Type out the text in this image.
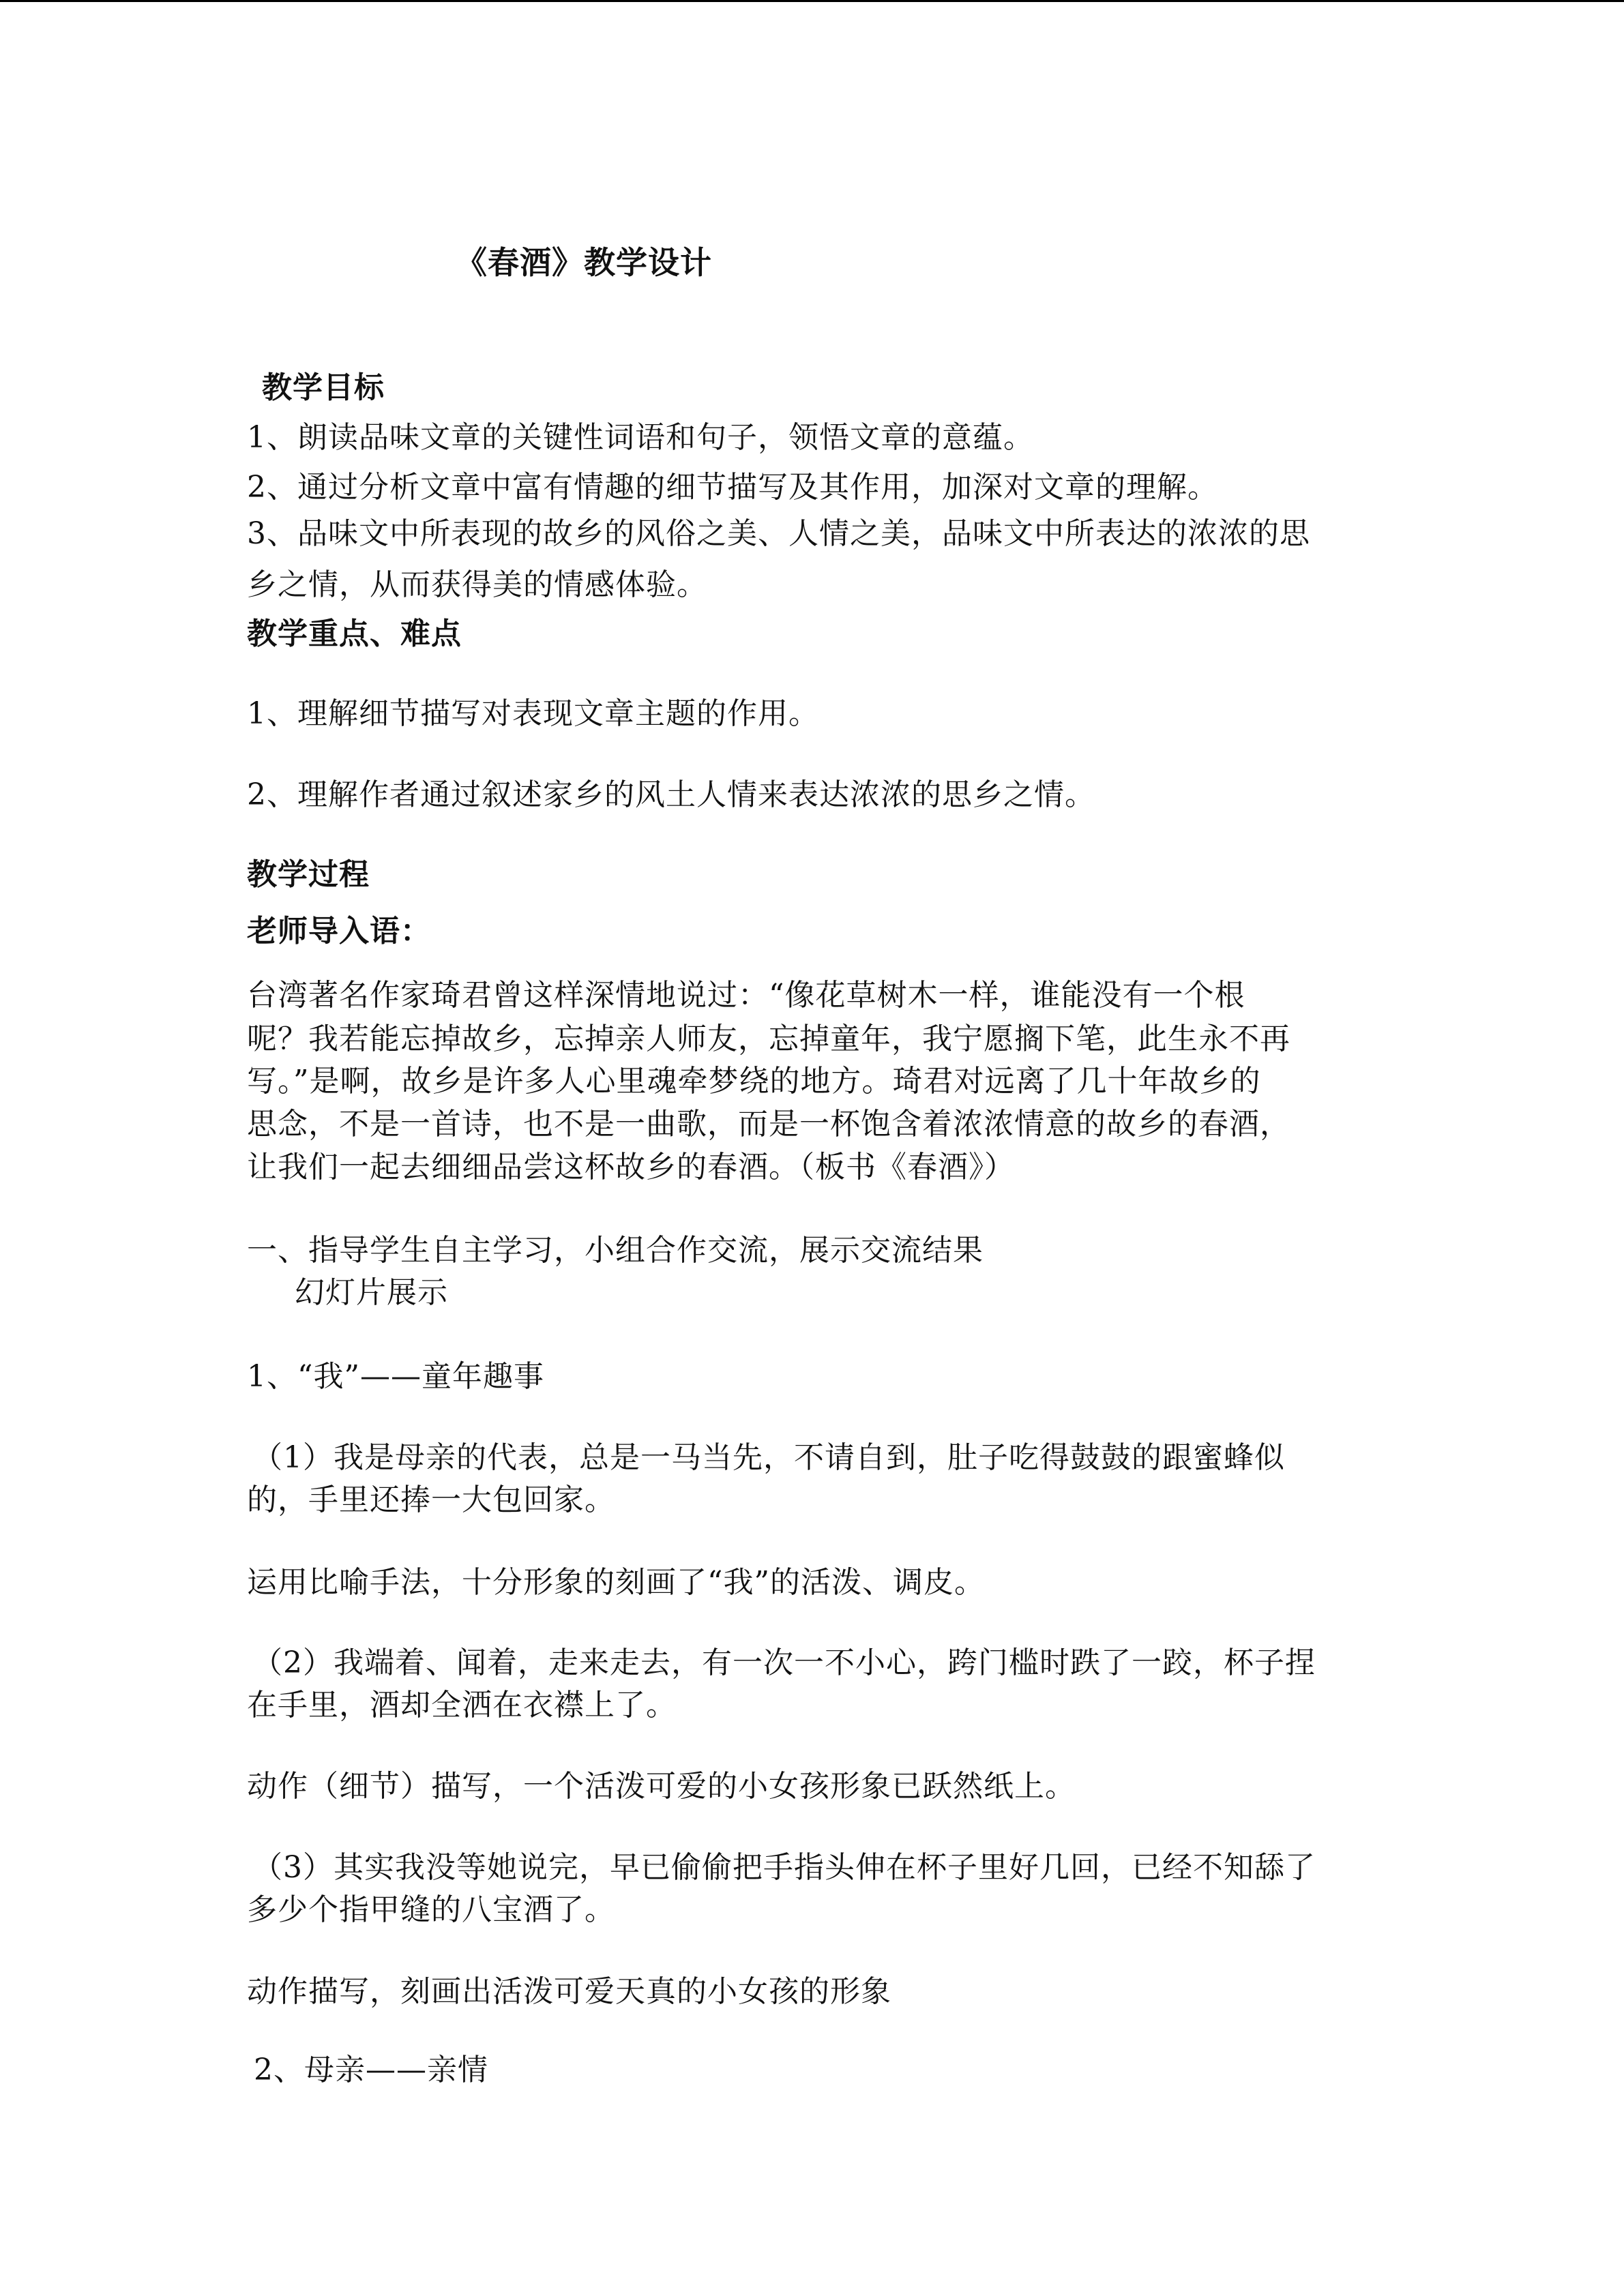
《春酒》教学设计
教学目标
1、朗读品味文章的关键性词语和句子，领悟文章的意蕴。
2、通过分析文章中富有情趣的细节描写及其作用，加深对文章的理解。
3、品味文中所表现的故乡的风俗之美、人情之美，品味文中所表达的浓浓的思
乡之情，从而获得美的情感体验。
教学重点、难点
1、理解细节描写对表现文章主题的作用。
2、理解作者通过叙述家乡的风土人情来表达浓浓的思乡之情。
教学过程
老师导入语：
台湾著名作家琦君曾这样深情地说过：“像花草树木一样，谁能没有一个根
呢？我若能忘掉故乡，忘掉亲人师友，忘掉童年，我宁愿搁下笔，此生永不再
写。”是啊，故乡是许多人心里魂牵梦绕的地方。琦君对远离了几十年故乡的
思念，不是一首诗，也不是一曲歌，而是一杯饱含着浓浓情意的故乡的春酒，
让我们一起去细细品尝这杯故乡的春酒。（板书《春酒》）
一、指导学生自主学习，小组合作交流，展示交流结果
幻灯片展示
1、“我”——童年趣事
（1）我是母亲的代表，总是一马当先，不请自到，肚子吃得鼓鼓的跟蜜蜂似
的，手里还捧一大包回家。
运用比喻手法，十分形象的刻画了“我”的活泼、调皮。
（2）我端着、闻着，走来走去，有一次一不小心，跨门槛时跌了一跤，杯子捏
在手里，酒却全洒在衣襟上了。
动作（细节）描写，一个活泼可爱的小女孩形象已跃然纸上。
（3）其实我没等她说完，早已偷偷把手指头伸在杯子里好几回，已经不知舔了
多少个指甲缝的八宝酒了。
动作描写，刻画出活泼可爱天真的小女孩的形象
2、母亲——亲情
